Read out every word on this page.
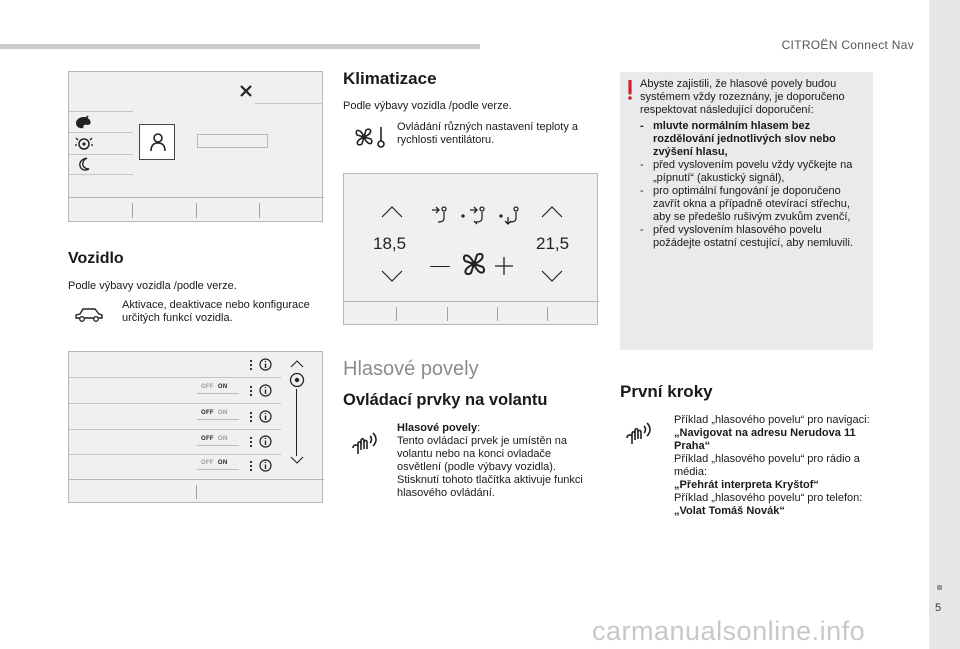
CITROËN Connect Nav
5
Vozidlo
Podle výbavy vozidla /podle verze.
Aktivace, deaktivace nebo konfigurace určitých funkcí vozidla.
OFF ON
OFF ON
OFF ON
OFF ON
Klimatizace
Podle výbavy vozidla /podle verze.
Ovládání různých nastavení teploty a rychlosti ventilátoru.
18,5	21,5
Hlasové povely
Ovládací prvky na volantu
Hlasové povely:
Tento ovládací prvek je umístěn na volantu nebo na konci ovladače osvětlení (podle výbavy vozidla). Stisknutí tohoto tlačítka aktivuje funkci hlasového ovládání.
Abyste zajistili, že hlasové povely budou systémem vždy rozeznány, je doporučeno respektovat následující doporučení:
- mluvte normálním hlasem bez rozdělování jednotlivých slov nebo zvýšení hlasu,
- před vyslovením povelu vždy vyčkejte na „pípnutí“ (akustický signál),
- pro optimální fungování je doporučeno zavřít okna a případně otevírací střechu, aby se předešlo rušivým zvukům zvenčí,
- před vyslovením hlasového povelu požádejte ostatní cestující, aby nemluvili.
První kroky
Příklad „hlasového povelu“ pro navigaci:
„Navigovat na adresu Nerudova 11 Praha“
Příklad „hlasového povelu“ pro rádio a média:
„Přehrát interpreta Kryštof“
Příklad „hlasového povelu“ pro telefon:
„Volat Tomáš Novák“
carmanualsonline.info
